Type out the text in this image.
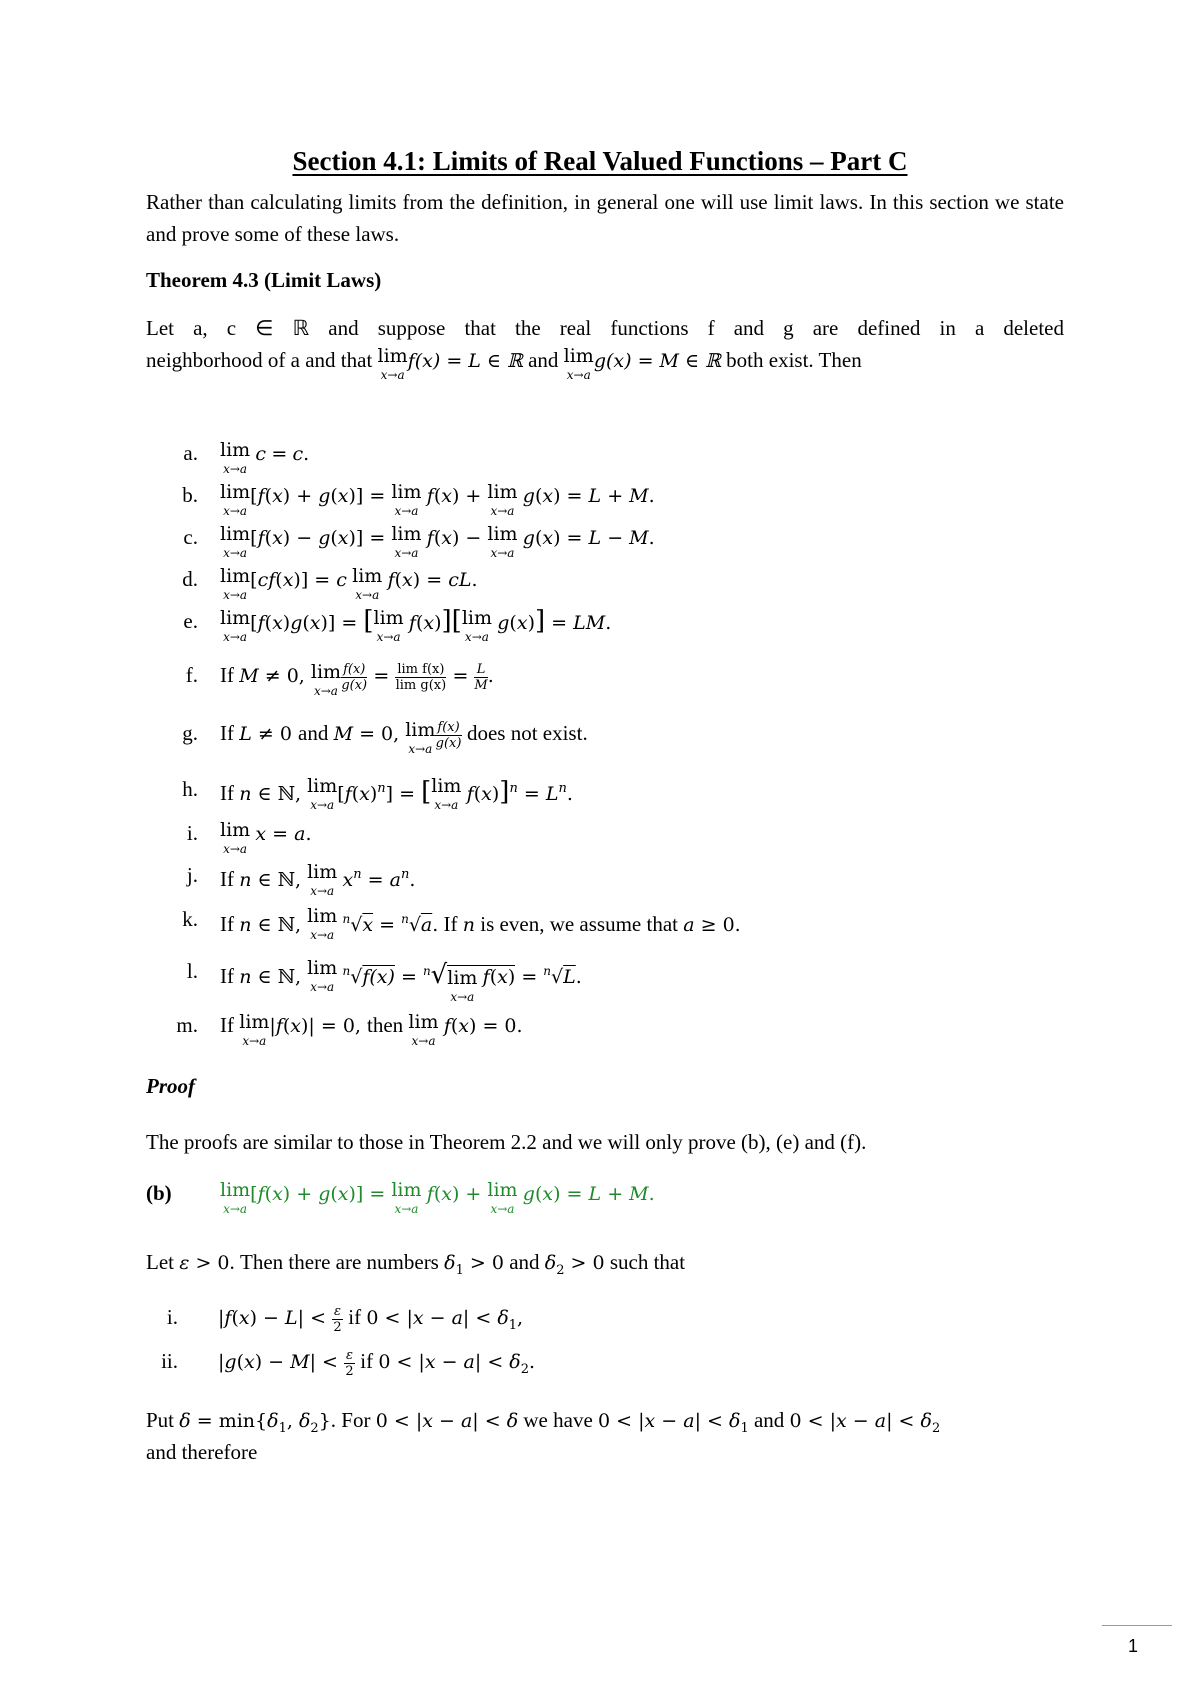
Section 4.1: Limits of Real Valued Functions – Part C
Rather than calculating limits from the definition, in general one will use limit laws. In this section we state and prove some of these laws.
Theorem 4.3 (Limit Laws)
Let a, c ∈ ℝ and suppose that the real functions f and g are defined in a deleted
neighborhood of a and that lim
x→a
f(x) = L ∈ ℝ and lim
x→a
g(x) = M ∈ ℝ both exist. Then
a. lim
x→a
c = c.
b. lim
x→a
[f(x) + g(x)] = lim
x→a
f(x) + lim
x→a
g(x) = L + M.
c. lim
x→a
[f(x) − g(x)] = lim
x→a
f(x) − lim
x→a
g(x) = L − M.
d. lim
x→a
[cf(x)] = c lim
x→a
f(x) = cL.
e. lim
x→a
[f(x)g(x)] = [ lim
x→a
f(x)][ lim
x→a
g(x)] = LM.
f. If M ≠ 0, lim
$x\to a \frac{f(x)}{g(x)} = \frac{\text{lim f(x)}}{\text{lim g(x)}} = \frac{L}{M}$ .
g. If L ≠ 0 and M = 0, lim
$x\to a \frac{f(x)}{g(x)}$ does not exist.
h. If n ∈ ℕ, lim
x→a $[f(x)^n]$ = [ lim
x→a $f(x)]^n = L^n$.
i. lim
x→a
x = a.
j. If n ∈ ℕ, lim
x→a $x^n = a^n$.
k. If n ∈ ℕ, lim
x→a
$^n$√x = $^n$√a. If n is even, we assume that a ≥ 0.
l. If n ∈ ℕ, lim
x→a
$^n$√f(x) = $^n$√ lim
x→a
f(x) = $^n$√L.
m. If lim
x→a
|f(x)| = 0, then lim
x→a
f(x) = 0.
Proof
The proofs are similar to those in Theorem 2.2 and we will only prove (b), (e) and (f).
(b)	lim
x→a
[f(x) + g(x)] = lim
x→a
f(x) + lim
x→a
g(x) = L + M.
Let ε > 0. Then there are numbers $\delta_1 > 0$ and $\delta_2 > 0$ such that
i. $|f(x) - L| < \frac{\varepsilon}{2}$ if $0 < |x - a| < \delta_1$,
ii. $|g(x) - M| < \frac{\varepsilon}{2}$ if $0 < |x - a| < \delta_2$.
Put $\delta = \min\{\delta_1$, $\delta_2$}. For 0 < |x − a| < δ we have $0 < |x - a| < \delta_1$ and $0 < |x - a| < \delta_2$
and therefore
1
